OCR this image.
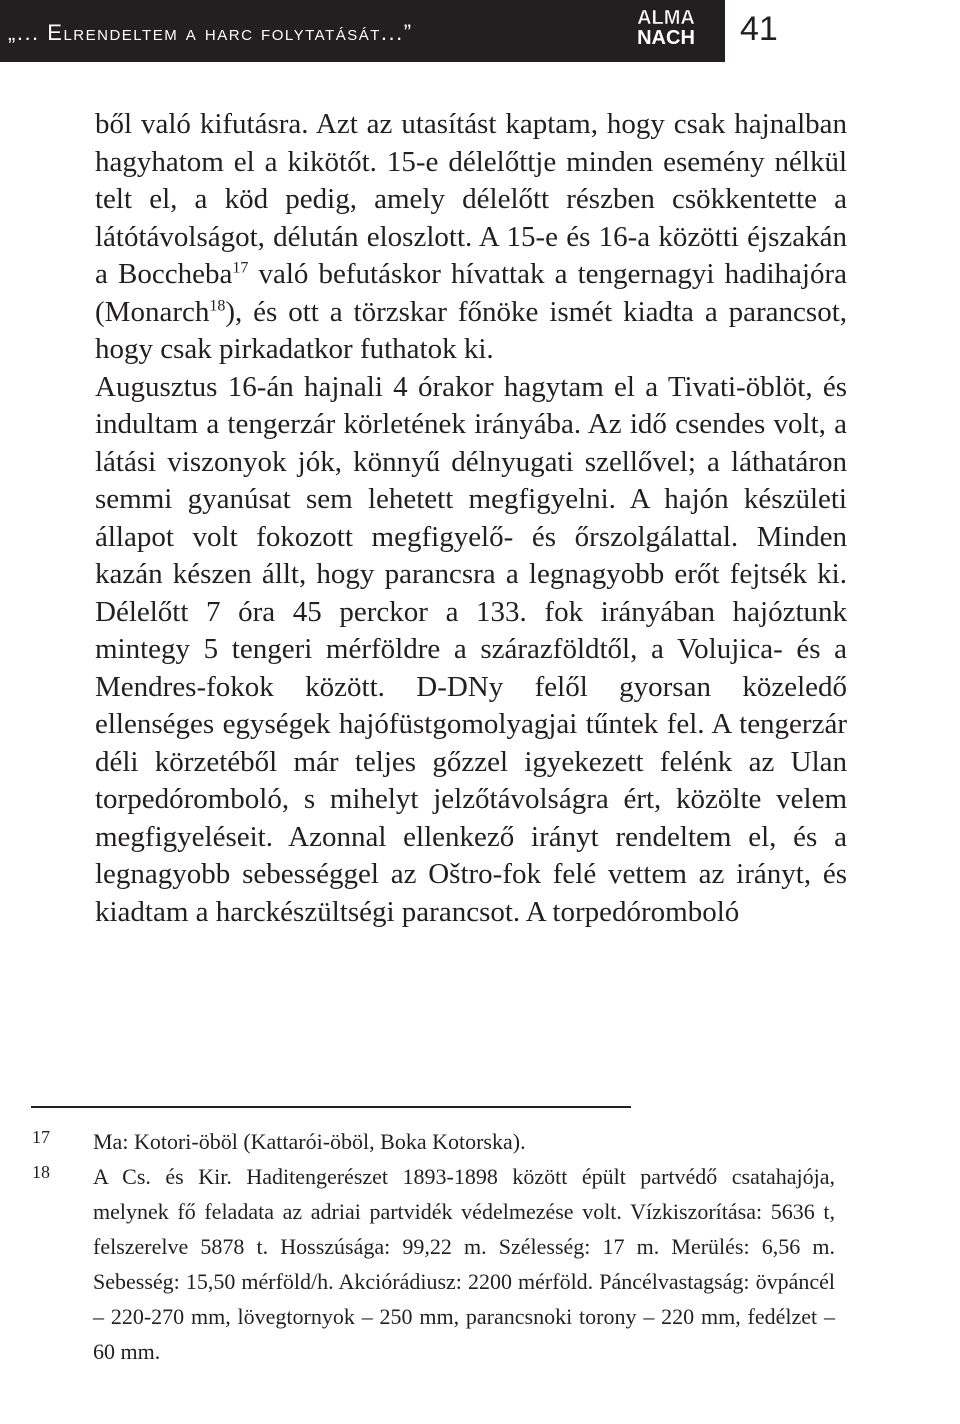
„... Elrendeltem a harc folytatását...”
ALMA
NACH 41

ből való kifutásra. Azt az utasítást kaptam, hogy csak hajnalban hagyhatom el a kikötőt. 15-e délelőttje minden esemény nélkül telt el, a köd pedig, amely délelőtt részben csökkentette a látótávolságot, délután eloszlott. A 15-e és 16-a közötti éjszakán a Boccheba$^{17}$ való befutáskor hívattak a tengernagyi hadihajóra (Monarch$^{18}$), és ott a törzskar főnöke ismét kiadta a parancsot, hogy csak pirkadatkor futhatok ki.

Augusztus 16-án hajnali 4 órakor hagytam el a Tivati-öblöt, és indultam a tengerzár körletének irányába. Az idő csendes volt, a látási viszonyok jók, könnyű délnyugati szellővel; a láthatáron semmi gyanúsat sem lehetett megfigyelni. A hajón készületi állapot volt fokozott megfigyelő- és őrszolgálattal. Minden kazán készen állt, hogy parancsra a legnagyobb erőt fejtsék ki. Délelőtt 7 óra 45 perckor a 133. fok irányában hajóztunk mintegy 5 tengeri mérföldre a szárazföldtől, a Volujica- és a Mendres-fokok között. D-DNy felől gyorsan közeledő ellenséges egységek hajófüstgomolyagjai tűntek fel. A tengerzár déli körzetéből már teljes gőzzel igyekezett felénk az Ulan torpedóromboló, s mihelyt jelzőtávolságra ért, közölte velem megfigyeléseit. Azonnal ellenkező irányt rendeltem el, és a legnagyobb sebességgel az Oštro-fok felé vettem az irányt, és kiadtam a harckészültségi parancsot. A torpedóromboló

17 Ma: Kotori-öböl (Kattarói-öböl, Boka Kotorska).
18 A Cs. és Kir. Haditengerészet 1893-1898 között épült partvédő csatahajója, melynek fő feladata az adriai partvidék védelmezése volt. Vízkiszorítása: 5636 t, felszerelve 5878 t. Hosszúsága: 99,22 m. Szélesség: 17 m. Merülés: 6,56 m. Sebesség: 15,50 mérföld/h. Akciórádiusz: 2200 mérföld. Páncélvastagság: övpáncél – 220-270 mm, lövegtornyok – 250 mm, parancsnoki torony – 220 mm, fedélzet – 60 mm.
